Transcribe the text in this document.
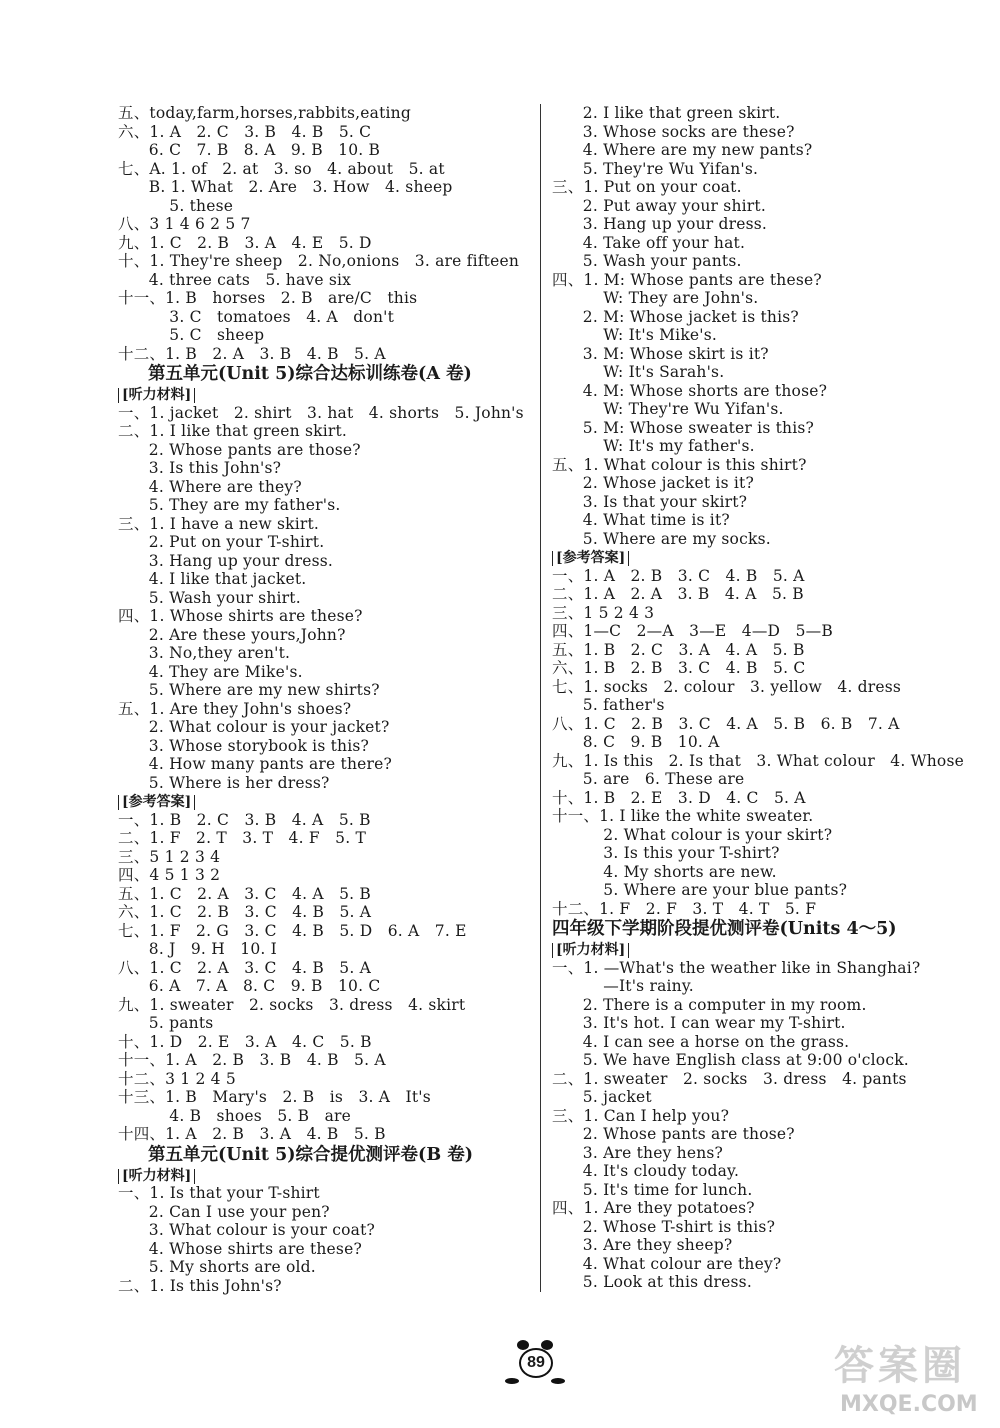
五、today,farm,horses,rabbits,eating
六、1. A   2. C   3. B   4. B   5. C
6. C   7. B   8. A   9. B   10. B
七、A. 1. of   2. at   3. so   4. about   5. at
B. 1. What   2. Are   3. How   4. sheep
5. these
八、3 1 4 6 2 5 7
九、1. C   2. B   3. A   4. E   5. D
十、1. They're sheep   2. No,onions   3. are fifteen
4. three cats   5. have six
十一、1. B   horses   2. B   are/C   this
3. C   tomatoes   4. A   don't
5. C   sheep
十二、1. B   2. A   3. B   4. B   5. A
第五单元(Unit 5)综合达标训练卷(A 卷)
[听力材料]
一、1. jacket   2. shirt   3. hat   4. shorts   5. John's
二、1. I like that green skirt.
2. Whose pants are those?
3. Is this John's?
4. Where are they?
5. They are my father's.
三、1. I have a new skirt.
2. Put on your T-shirt.
3. Hang up your dress.
4. I like that jacket.
5. Wash your shirt.
四、1. Whose shirts are these?
2. Are these yours,John?
3. No,they aren't.
4. They are Mike's.
5. Where are my new shirts?
五、1. Are they John's shoes?
2. What colour is your jacket?
3. Whose storybook is this?
4. How many pants are there?
5. Where is her dress?
[参考答案]
一、1. B   2. C   3. B   4. A   5. B
二、1. F   2. T   3. T   4. F   5. T
三、5 1 2 3 4
四、4 5 1 3 2
五、1. C   2. A   3. C   4. A   5. B
六、1. C   2. B   3. C   4. B   5. A
七、1. F   2. G   3. C   4. B   5. D   6. A   7. E
8. J   9. H   10. I
八、1. C   2. A   3. C   4. B   5. A
6. A   7. A   8. C   9. B   10. C
九、1. sweater   2. socks   3. dress   4. skirt
5. pants
十、1. D   2. E   3. A   4. C   5. B
十一、1. A   2. B   3. B   4. B   5. A
十二、3 1 2 4 5
十三、1. B   Mary's   2. B   is   3. A   It's
4. B   shoes   5. B   are
十四、1. A   2. B   3. A   4. B   5. B
第五单元(Unit 5)综合提优测评卷(B 卷)
[听力材料]
一、1. Is that your T-shirt
2. Can I use your pen?
3. What colour is your coat?
4. Whose shirts are these?
5. My shorts are old.
二、1. Is this John's?
2. I like that green skirt.
3. Whose socks are these?
4. Where are my new pants?
5. They're Wu Yifan's.
三、1. Put on your coat.
2. Put away your shirt.
3. Hang up your dress.
4. Take off your hat.
5. Wash your pants.
四、1. M: Whose pants are these?
W: They are John's.
2. M: Whose jacket is this?
W: It's Mike's.
3. M: Whose skirt is it?
W: It's Sarah's.
4. M: Whose shorts are those?
W: They're Wu Yifan's.
5. M: Whose sweater is this?
W: It's my father's.
五、1. What colour is this shirt?
2. Whose jacket is it?
3. Is that your skirt?
4. What time is it?
5. Where are my socks.
[参考答案]
一、1. A   2. B   3. C   4. B   5. A
二、1. A   2. A   3. B   4. A   5. B
三、1 5 2 4 3
四、1—C   2—A   3—E   4—D   5—B
五、1. B   2. C   3. A   4. A   5. B
六、1. B   2. B   3. C   4. B   5. C
七、1. socks   2. colour   3. yellow   4. dress
5. father's
八、1. C   2. B   3. C   4. A   5. B   6. B   7. A
8. C   9. B   10. A
九、1. Is this   2. Is that   3. What colour   4. Whose
5. are   6. These are
十、1. B   2. E   3. D   4. C   5. A
十一、1. I like the white sweater.
2. What colour is your skirt?
3. Is this your T-shirt?
4. My shorts are new.
5. Where are your blue pants?
十二、1. F   2. F   3. T   4. T   5. F
四年级下学期阶段提优测评卷(Units 4～5)
[听力材料]
一、1. —What's the weather like in Shanghai?
—It's rainy.
2. There is a computer in my room.
3. It's hot. I can wear my T-shirt.
4. I can see a horse on the grass.
5. We have English class at 9:00 o'clock.
二、1. sweater   2. socks   3. dress   4. pants
5. jacket
三、1. Can I help you?
2. Whose pants are those?
3. Are they hens?
4. It's cloudy today.
5. It's time for lunch.
四、1. Are they potatoes?
2. Whose T-shirt is this?
3. Are they sheep?
4. What colour are they?
5. Look at this dress.
89	答案圈
MXQE.COM
